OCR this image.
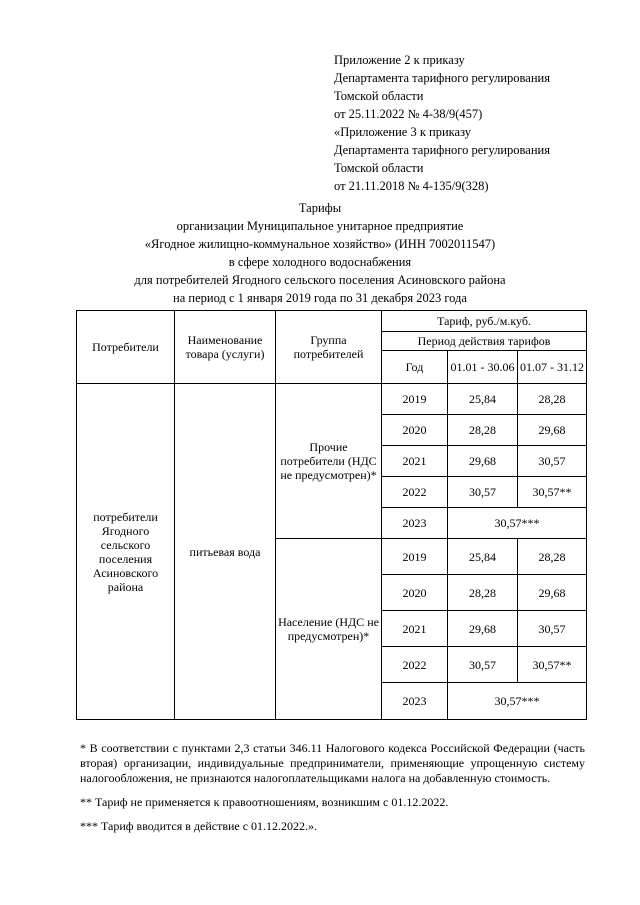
Приложение 2 к приказу
Департамента тарифного регулирования
Томской области
от 25.11.2022 № 4-38/9(457)
«Приложение 3 к приказу
Департамента тарифного регулирования
Томской области
от 21.11.2018 № 4-135/9(328)
Тарифы
организации Муниципальное унитарное предприятие
«Ягодное жилищно-коммунальное хозяйство» (ИНН 7002011547)
в сфере холодного водоснабжения
для потребителей Ягодного сельского поселения Асиновского района
на период с 1 января 2019 года по 31 декабря 2023 года
Потребители	Наименование товара (услуги)	Группа потребителей	Тариф, руб./м.куб.		
			Период действия тарифов		
			Год	01.01 - 30.06	01.07 - 31.12
потребители Ягодного сельского поселения Асиновского района	питьевая вода	Прочие потребители (НДС не предусмотрен)*	2019	25,84	28,28
			2020	28,28	29,68
			2021	29,68	30,57
			2022	30,57	30,57**
			2023	30,57***	
		Население (НДС не предусмотрен)*	2019	25,84	28,28
			2020	28,28	29,68
			2021	29,68	30,57
			2022	30,57	30,57**
			2023	30,57***	

* В соответствии с пунктами 2,3 статьи 346.11 Налогового кодекса Российской Федерации (часть вторая) организации, индивидуальные предприниматели, применяющие упрощенную систему налогообложения, не признаются налогоплательщиками налога на добавленную стоимость.

** Тариф не применяется к правоотношениям, возникшим с 01.12.2022.

*** Тариф вводится в действие с 01.12.2022.».
